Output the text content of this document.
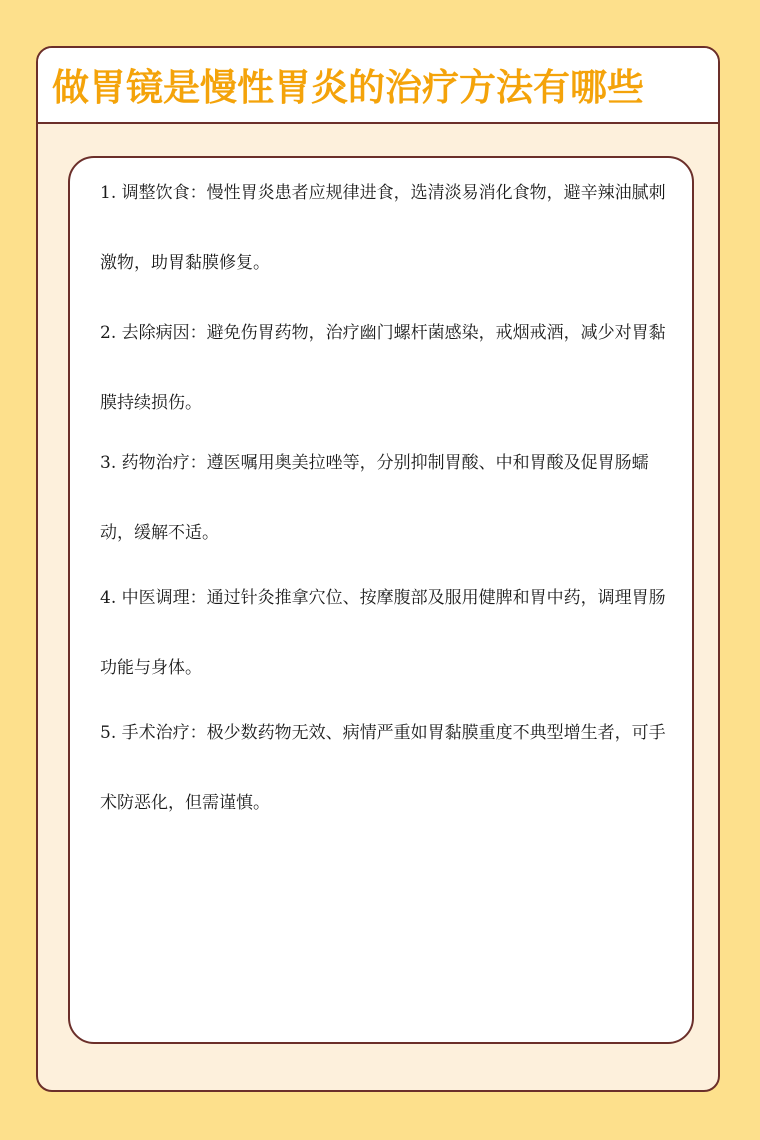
做胃镜是慢性胃炎的治疗方法有哪些

1. 调整饮食：慢性胃炎患者应规律进食，选清淡易消化食物，避辛辣油腻刺激物，助胃黏膜修复。

2. 去除病因：避免伤胃药物，治疗幽门螺杆菌感染，戒烟戒酒，减少对胃黏膜持续损伤。

3. 药物治疗：遵医嘱用奥美拉唑等，分别抑制胃酸、中和胃酸及促胃肠蠕动，缓解不适。

4. 中医调理：通过针灸推拿穴位、按摩腹部及服用健脾和胃中药，调理胃肠功能与身体。

5. 手术治疗：极少数药物无效、病情严重如胃黏膜重度不典型增生者，可手术防恶化，但需谨慎。
